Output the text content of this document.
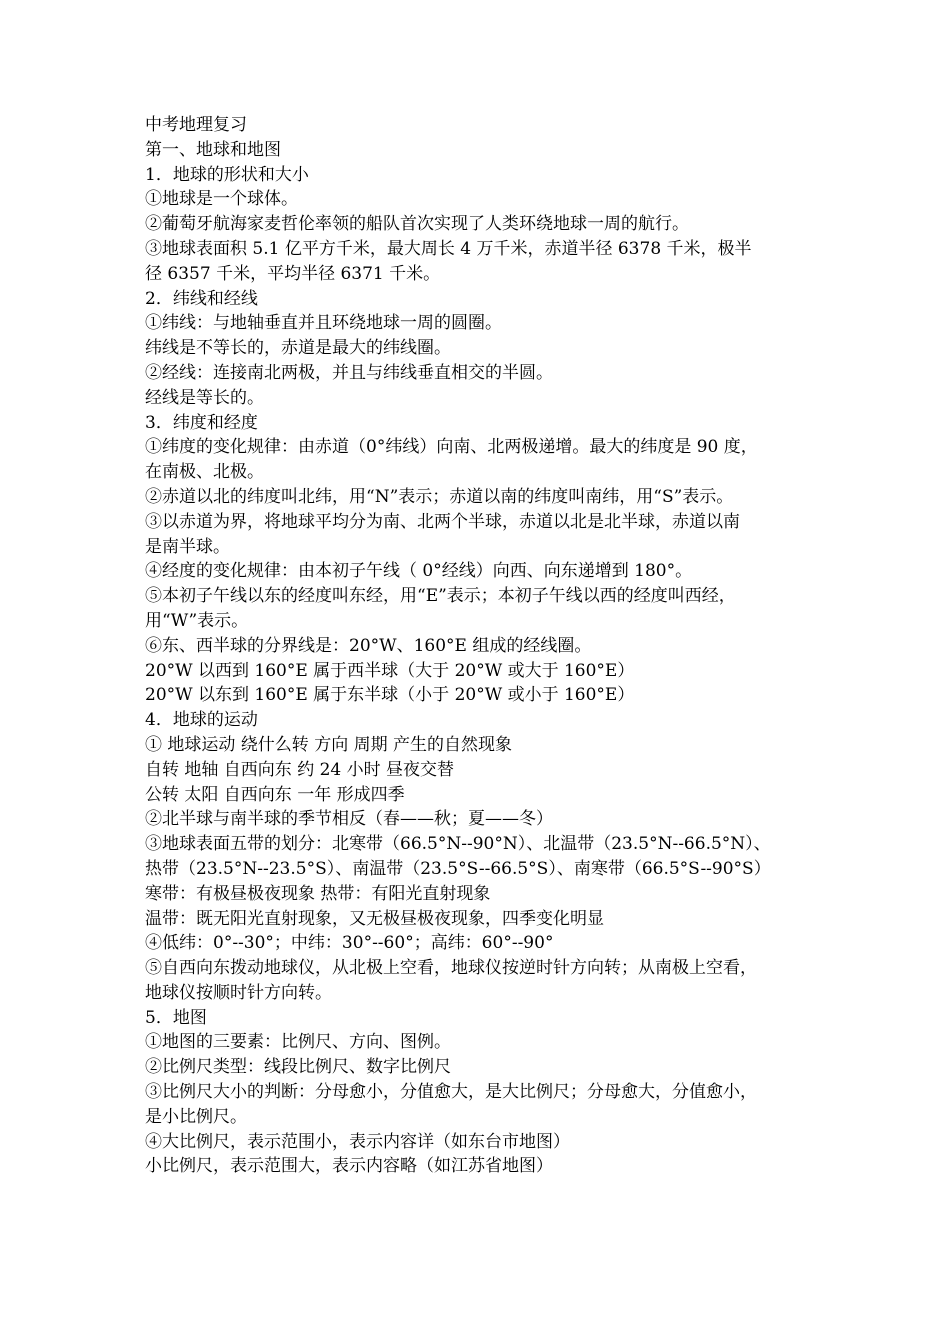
中考地理复习
第一、地球和地图
1．地球的形状和大小
①地球是一个球体。
②葡萄牙航海家麦哲伦率领的船队首次实现了人类环绕地球一周的航行。
③地球表面积 5.1 亿平方千米，最大周长 4 万千米，赤道半径 6378 千米，极半
径 6357 千米，平均半径 6371 千米。
2．纬线和经线
①纬线：与地轴垂直并且环绕地球一周的圆圈。
纬线是不等长的，赤道是最大的纬线圈。
②经线：连接南北两极，并且与纬线垂直相交的半圆。
经线是等长的。
3．纬度和经度
①纬度的变化规律：由赤道（0°纬线）向南、北两极递增。最大的纬度是 90 度，
在南极、北极。
②赤道以北的纬度叫北纬，用“N”表示；赤道以南的纬度叫南纬，用“S”表示。
③以赤道为界，将地球平均分为南、北两个半球，赤道以北是北半球，赤道以南
是南半球。
④经度的变化规律：由本初子午线（ 0°经线）向西、向东递增到 180°。
⑤本初子午线以东的经度叫东经，用“E”表示；本初子午线以西的经度叫西经，
用“W”表示。
⑥东、西半球的分界线是：20°W、160°E 组成的经线圈。
20°W 以西到 160°E 属于西半球（大于 20°W 或大于 160°E）
20°W 以东到 160°E 属于东半球（小于 20°W 或小于 160°E）
4．地球的运动
① 地球运动 绕什么转 方向 周期 产生的自然现象
自转 地轴 自西向东 约 24 小时 昼夜交替
公转 太阳 自西向东 一年 形成四季
②北半球与南半球的季节相反（春——秋；夏——冬）
③地球表面五带的划分：北寒带（66.5°N--90°N）、北温带（23.5°N--66.5°N）、
热带（23.5°N--23.5°S）、南温带（23.5°S--66.5°S）、南寒带（66.5°S--90°S）
寒带：有极昼极夜现象 热带：有阳光直射现象
温带：既无阳光直射现象，又无极昼极夜现象，四季变化明显
④低纬：0°--30°；中纬：30°--60°；高纬：60°--90°
⑤自西向东拨动地球仪，从北极上空看，地球仪按逆时针方向转；从南极上空看，
地球仪按顺时针方向转。
5．地图
①地图的三要素：比例尺、方向、图例。
②比例尺类型：线段比例尺、数字比例尺
③比例尺大小的判断：分母愈小，分值愈大，是大比例尺；分母愈大，分值愈小，
是小比例尺。
④大比例尺，表示范围小，表示内容详（如东台市地图）
小比例尺，表示范围大，表示内容略（如江苏省地图）
